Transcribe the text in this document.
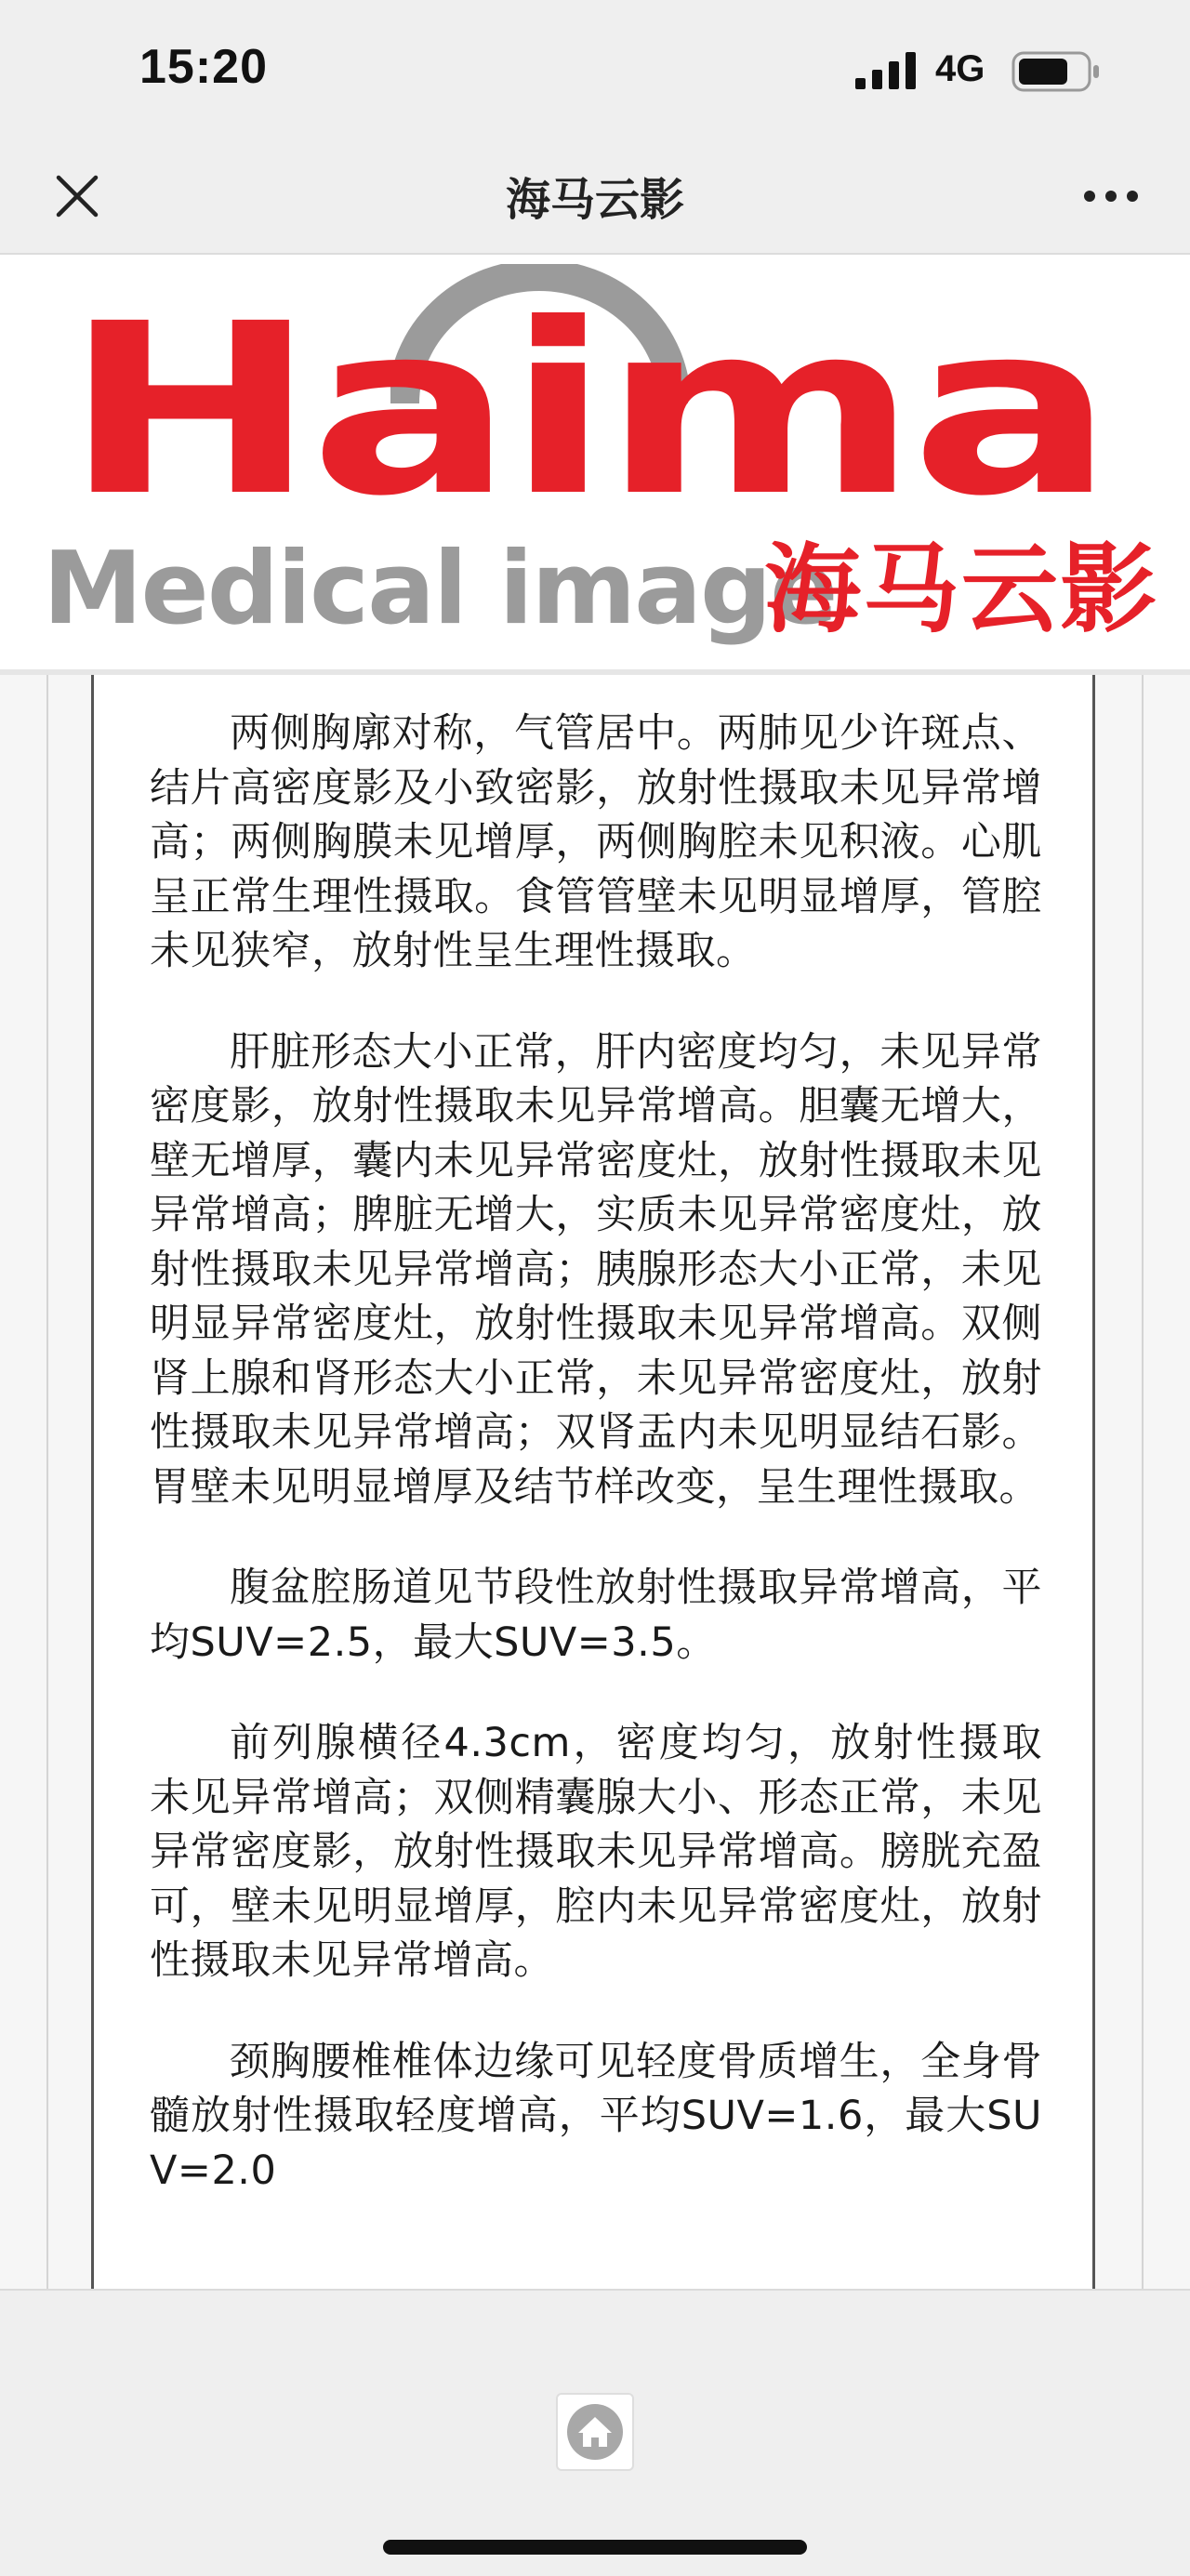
15:20	4G
海马云影
Haima
Medical image
海马云影

两侧胸廓对称，气管居中。两肺见少许斑点、结片高密度影及小致密影，放射性摄取未见异常增高；两侧胸膜未见增厚，两侧胸腔未见积液。心肌呈正常生理性摄取。食管管壁未见明显增厚，管腔未见狭窄，放射性呈生理性摄取。

肝脏形态大小正常，肝内密度均匀，未见异常密度影，放射性摄取未见异常增高。胆囊无增大，壁无增厚，囊内未见异常密度灶，放射性摄取未见异常增高；脾脏无增大，实质未见异常密度灶，放射性摄取未见异常增高；胰腺形态大小正常，未见明显异常密度灶，放射性摄取未见异常增高。双侧肾上腺和肾形态大小正常，未见异常密度灶，放射性摄取未见异常增高；双肾盂内未见明显结石影。胃壁未见明显增厚及结节样改变，呈生理性摄取。

腹盆腔肠道见节段性放射性摄取异常增高，平均SUV=2.5，最大SUV=3.5。

前列腺横径4.3cm，密度均匀，放射性摄取未见异常增高；双侧精囊腺大小、形态正常，未见异常密度影，放射性摄取未见异常增高。膀胱充盈可，壁未见明显增厚，腔内未见异常密度灶，放射性摄取未见异常增高。

颈胸腰椎椎体边缘可见轻度骨质增生，全身骨髓放射性摄取轻度增高，平均SUV=1.6，最大SUV=2.0
